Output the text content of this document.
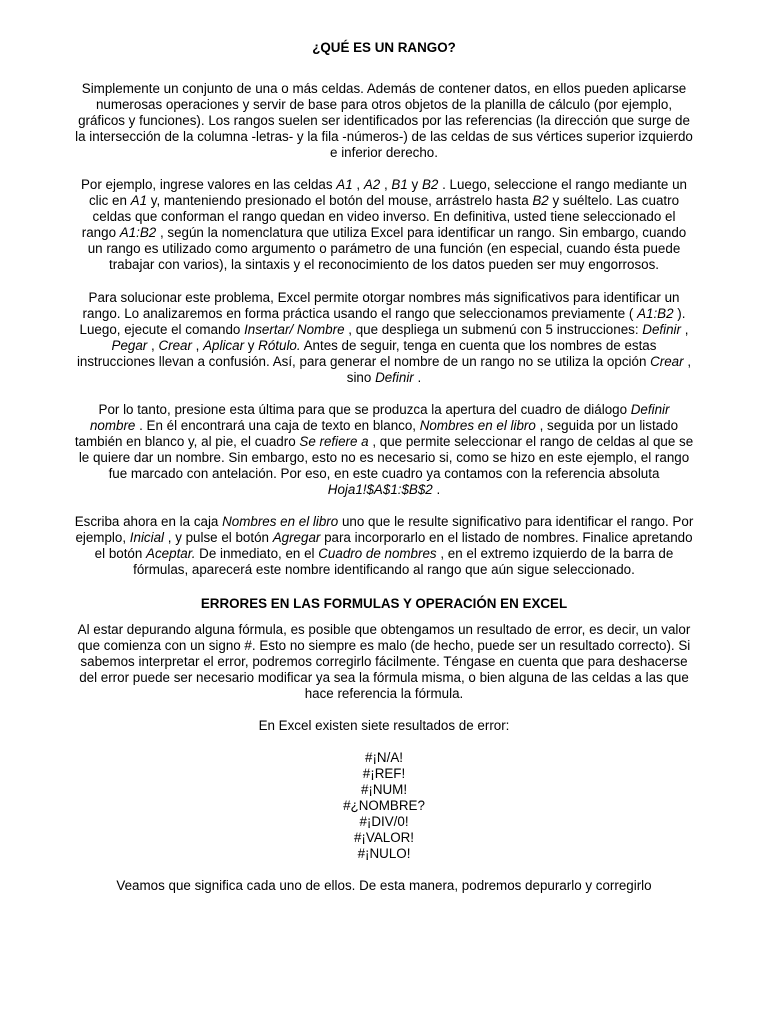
¿QUÉ ES UN RANGO?

Simplemente un conjunto de una o más celdas. Además de contener datos, en ellos pueden aplicarse numerosas operaciones y servir de base para otros objetos de la planilla de cálculo (por ejemplo, gráficos y funciones). Los rangos suelen ser identificados por las referencias (la dirección que surge de la intersección de la columna -letras- y la fila -números-) de las celdas de sus vértices superior izquierdo e inferior derecho.

Por ejemplo, ingrese valores en las celdas A1 , A2 , B1 y B2 . Luego, seleccione el rango mediante un clic en A1 y, manteniendo presionado el botón del mouse, arrástrelo hasta B2 y suéltelo. Las cuatro celdas que conforman el rango quedan en video inverso. En definitiva, usted tiene seleccionado el rango A1:B2 , según la nomenclatura que utiliza Excel para identificar un rango. Sin embargo, cuando un rango es utilizado como argumento o parámetro de una función (en especial, cuando ésta puede trabajar con varios), la sintaxis y el reconocimiento de los datos pueden ser muy engorrosos.

Para solucionar este problema, Excel permite otorgar nombres más significativos para identificar un rango. Lo analizaremos en forma práctica usando el rango que seleccionamos previamente ( A1:B2 ). Luego, ejecute el comando Insertar/ Nombre , que despliega un submenú con 5 instrucciones: Definir , Pegar , Crear , Aplicar y Rótulo. Antes de seguir, tenga en cuenta que los nombres de estas instrucciones llevan a confusión. Así, para generar el nombre de un rango no se utiliza la opción Crear , sino Definir .

Por lo tanto, presione esta última para que se produzca la apertura del cuadro de diálogo Definir nombre . En él encontrará una caja de texto en blanco, Nombres en el libro , seguida por un listado también en blanco y, al pie, el cuadro Se refiere a , que permite seleccionar el rango de celdas al que se le quiere dar un nombre. Sin embargo, esto no es necesario si, como se hizo en este ejemplo, el rango fue marcado con antelación. Por eso, en este cuadro ya contamos con la referencia absoluta Hoja1!$A$1:$B$2 .

Escriba ahora en la caja Nombres en el libro uno que le resulte significativo para identificar el rango. Por ejemplo, Inicial , y pulse el botón Agregar para incorporarlo en el listado de nombres. Finalice apretando el botón Aceptar. De inmediato, en el Cuadro de nombres , en el extremo izquierdo de la barra de fórmulas, aparecerá este nombre identificando al rango que aún sigue seleccionado.

ERRORES EN LAS FORMULAS Y OPERACIÓN EN EXCEL

Al estar depurando alguna fórmula, es posible que obtengamos un resultado de error, es decir, un valor que comienza con un signo #. Esto no siempre es malo (de hecho, puede ser un resultado correcto). Si sabemos interpretar el error, podremos corregirlo fácilmente. Téngase en cuenta que para deshacerse del error puede ser necesario modificar ya sea la fórmula misma, o bien alguna de las celdas a las que hace referencia la fórmula.

En Excel existen siete resultados de error:

#¡N/A!
#¡REF!
#¡NUM!
#¿NOMBRE?
#¡DIV/0!
#¡VALOR!
#¡NULO!

Veamos que significa cada uno de ellos. De esta manera, podremos depurarlo y corregirlo
